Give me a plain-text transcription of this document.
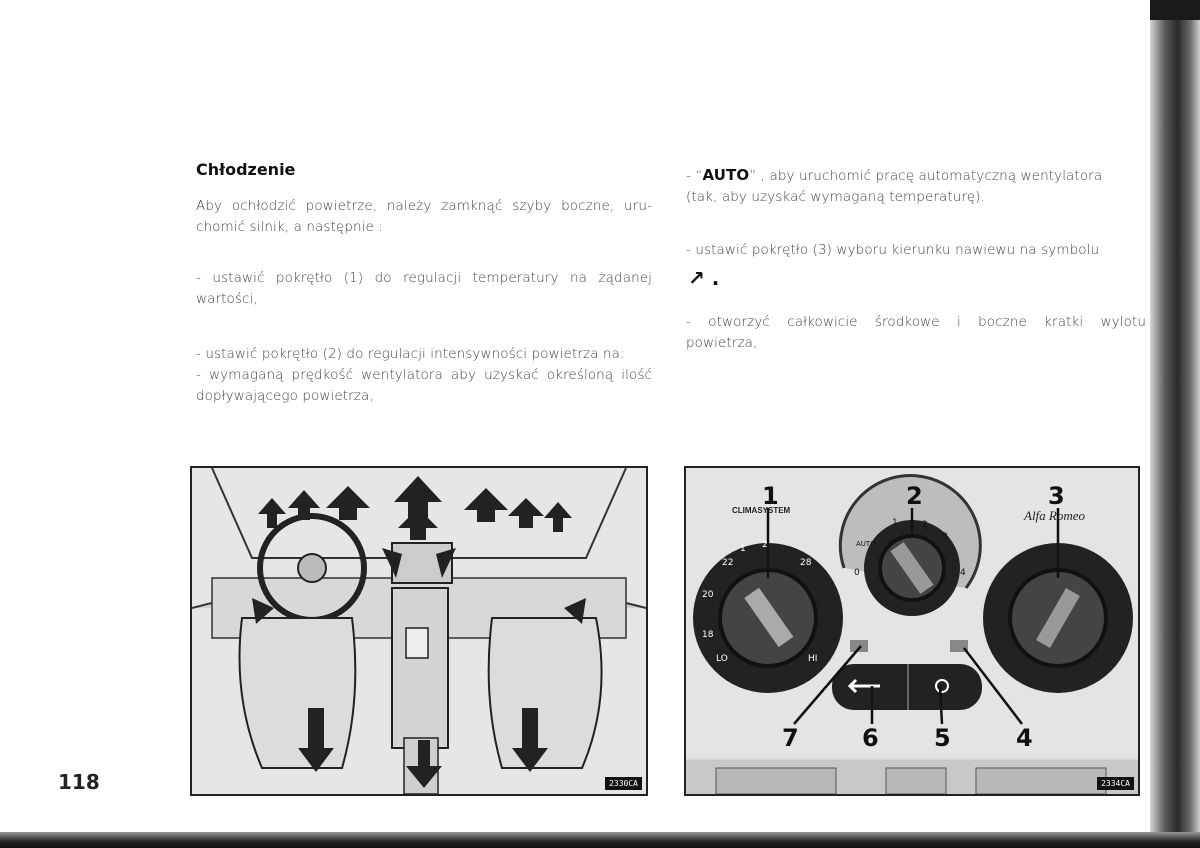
Chłodzenie
Aby ochłodzić powietrze, należy zamknąć szyby boczne, uru-
chomić silnik, a następnie :
- ustawić pokrętło (1) do regulacji temperatury na żądanej
wartości,
- ustawić pokrętło (2) do regulacji intensywności powietrza na:
- wymaganą prędkość wentylatora aby uzyskać określoną ilość
dopływającego powietrza,
- “AUTO” , aby uruchomić pracę automatyczną wentylatora
(tak, aby uzyskać wymaganą temperaturę).
- ustawić pokrętło (3) wyboru kierunku nawiewu na symbolu
↗ .
- otworzyć całkowicie środkowe i boczne kratki wylotu
powietrza,
118	2330CA
CLIMASYSTEM	Alfa Romeo
22
1 2
28
20
18
LO	HI
AUTO
1	2
3
4
0
1	2	3
7	6 5	4
2334CA
